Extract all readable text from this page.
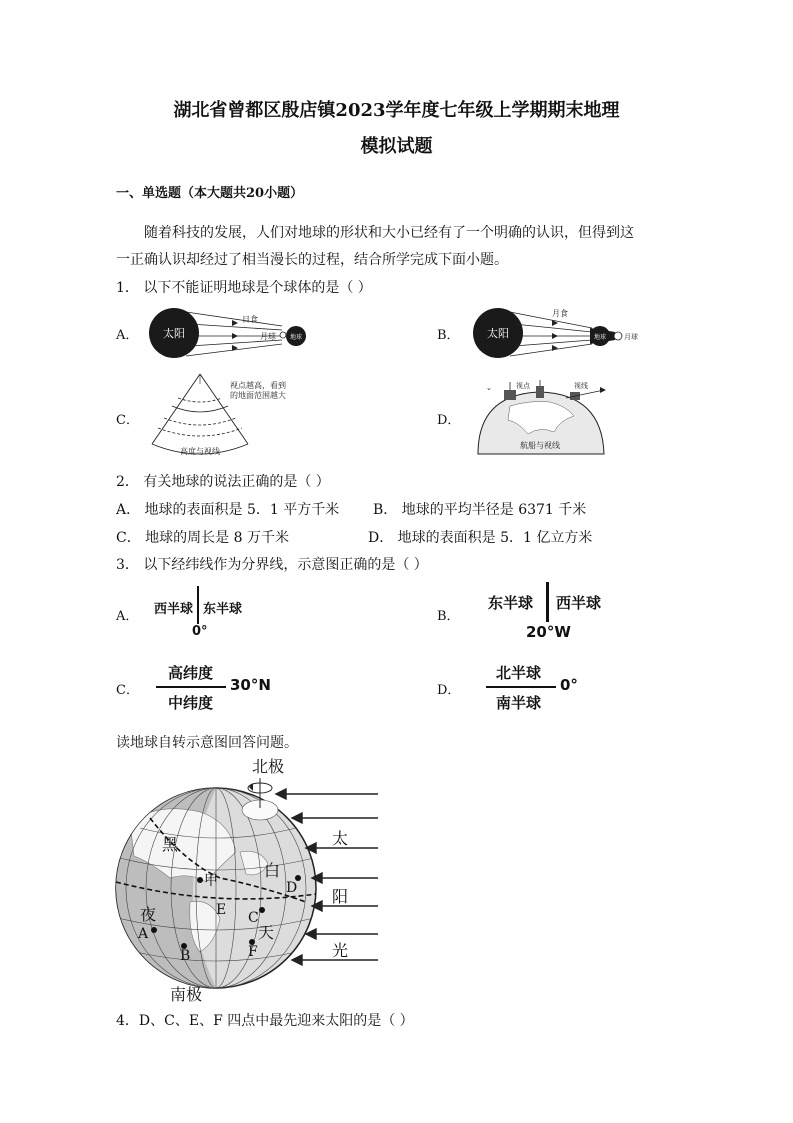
湖北省曾都区殷店镇2023学年度七年级上学期期末地理
模拟试题
一、单选题（本大题共20小题）
随着科技的发展，人们对地球的形状和大小已经有了一个明确的认识，但得到这
一正确认识却经过了相当漫长的过程，结合所学完成下面小题。
1． 以下不能证明地球是个球体的是（ ）
A． 太阳
日食
月球 地球	B． 太阳
月食
地球	月球
C．
视点越高，看到
的地面范围越大
高度与视线
D．
⌄	视点	视线
航船与视线
2． 有关地球的说法正确的是（ ）
A． 地球的表面积是 5．1 平方千米 B． 地球的平均半径是 6371 千米
C． 地球的周长是 8 万千米	D． 地球的表面积是 5．1 亿立方米
3． 以下经纬线作为分界线，示意图正确的是（ ）
A． 西半球 东半球
0°
B．
东半球 西半球
20°W
C．
高纬度
30°N
中纬度
D．
北半球
0°
南半球
读地球自转示意图回答问题。
北极
南极
太
阳
光
黑
夜
白
天
甲
A
B
C
D
E
F
4．D、C、E、F 四点中最先迎来太阳的是（ ）
